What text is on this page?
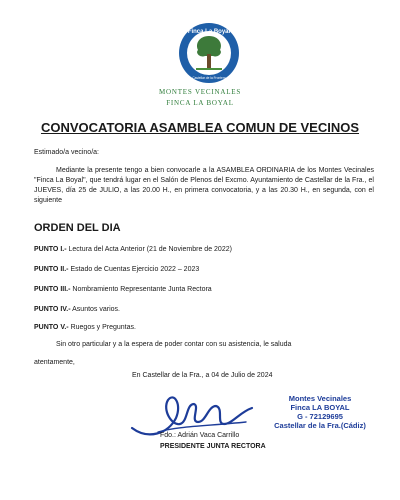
Finca La Boyal
Castellar de la Frontera
MONTES VECINALES
FINCA LA BOYAL
CONVOCATORIA ASAMBLEA COMUN DE VECINOS
Estimado/a vecino/a:
Mediante la presente tengo a bien convocarle a la ASAMBLEA ORDINARIA de los Montes Vecinales "Finca La Boyal", que tendrá lugar en el Salón de Plenos del Excmo. Ayuntamiento de Castellar de la Fra., el JUEVES, día 25 de JULIO, a las 20.00 H., en primera convocatoria, y a las 20.30 H., en segunda, con el siguiente
ORDEN DEL DIA
PUNTO I.- Lectura del Acta Anterior (21 de Noviembre de 2022)
PUNTO II.- Estado de Cuentas Ejercicio 2022 – 2023
PUNTO III.- Nombramiento Representante Junta Rectora
PUNTO IV.- Asuntos varios.
PUNTO V.- Ruegos y Preguntas.
Sin otro particular y a la espera de poder contar con su asistencia, le saluda
atentamente,
En Castellar de la Fra., a 04 de Julio de 2024
Montes Vecinales
Finca LA BOYAL
G - 72129695
Castellar de la Fra.(Cádiz)
Fdo.: Adrián Vaca Carrillo
PRESIDENTE JUNTA RECTORA
